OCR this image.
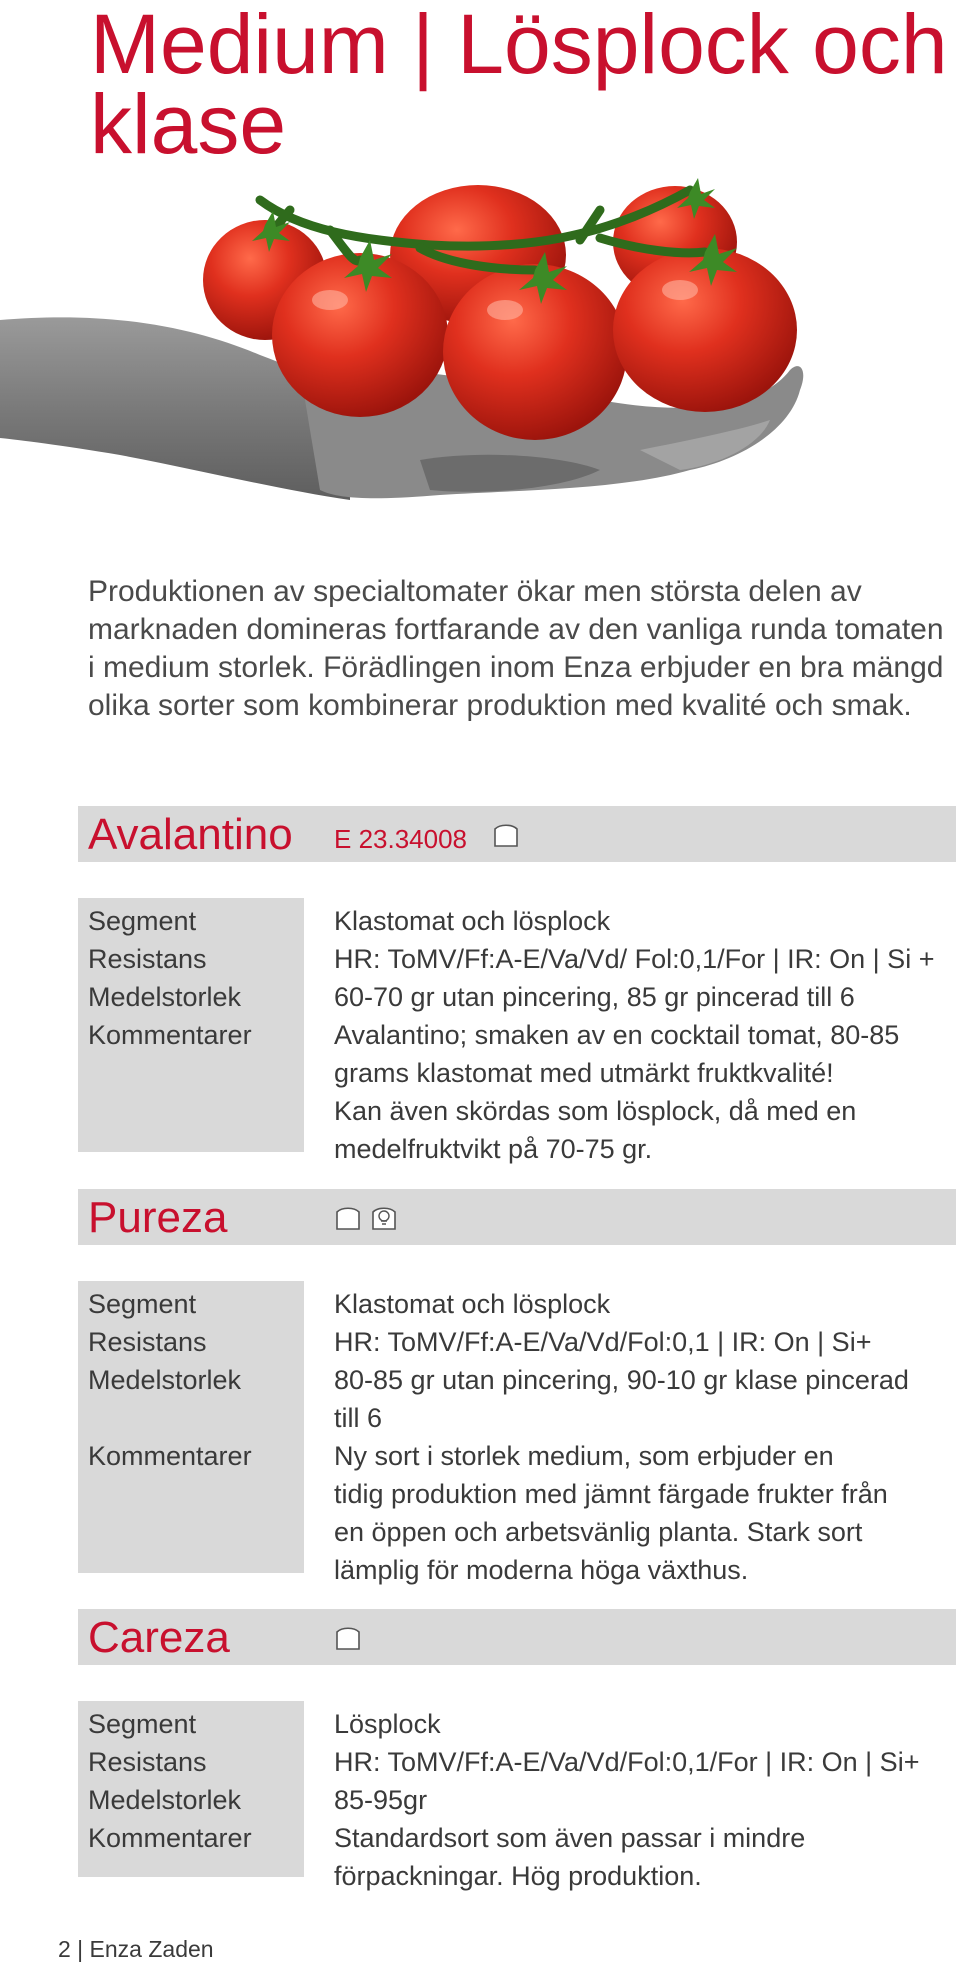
Medium | Lösplock och klase

Produktionen av specialtomater ökar men största delen av marknaden domineras fortfarande av den vanliga runda tomaten i medium storlek. Förädlingen inom Enza erbjuder en bra mängd olika sorter som kombinerar produktion med kvalité och smak.

Avalantino E 23.34008
Segment	Klastomat och lösplock
Resistans	HR: ToMV/Ff:A-E/Va/Vd/ Fol:0,1/For | IR: On | Si +
Medelstorlek	60-70 gr utan pincering, 85 gr pincerad till 6
Kommentarer	Avalantino; smaken av en cocktail tomat, 80-85
grams klastomat med utmärkt fruktkvalité!
Kan även skördas som lösplock, då med en
medelfruktvikt på 70-75 gr.
Pureza

Segment	Klastomat och lösplock
Resistans	HR: ToMV/Ff:A-E/Va/Vd/Fol:0,1 | IR: On | Si+
Medelstorlek	80-85 gr utan pincering, 90-10 gr klase pincerad
till 6
Kommentarer	Ny sort i storlek medium, som erbjuder en
tidig produktion med jämnt färgade frukter från
en öppen och arbetsvänlig planta. Stark sort
lämplig för moderna höga växthus.
Careza
Segment	Lösplock
Resistans	HR: ToMV/Ff:A-E/Va/Vd/Fol:0,1/For | IR: On | Si+
Medelstorlek	85-95gr
Kommentarer	Standardsort som även passar i mindre
förpackningar. Hög produktion.
2 | Enza Zaden
